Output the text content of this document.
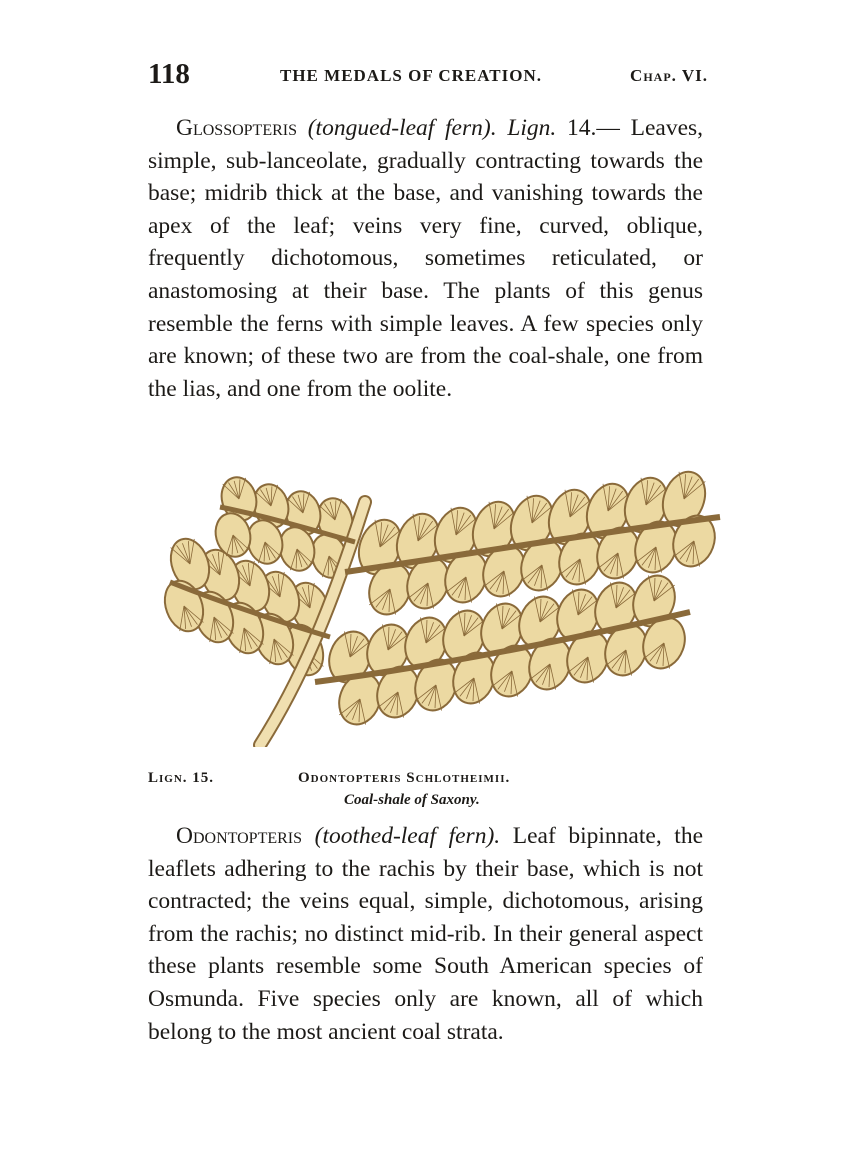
118	THE MEDALS OF CREATION.	Chap. VI.

Glossopteris (tongued-leaf fern). Lign. 14.— Leaves, simple, sub-lanceolate, gradually contracting towards the base; midrib thick at the base, and vanishing towards the apex of the leaf; veins very fine, curved, oblique, frequently dichotomous, sometimes reticulated, or anastomosing at their base. The plants of this genus resemble the ferns with simple leaves. A few species only are known; of these two are from the coal-shale, one from the lias, and one from the oolite.

Lign. 15.	Odontopteris Schlotheimii.
Coal-shale of Saxony.

Odontopteris (toothed-leaf fern). Leaf bipinnate, the leaflets adhering to the rachis by their base, which is not contracted; the veins equal, simple, dichotomous, arising from the rachis; no distinct mid-rib. In their general aspect these plants resemble some South American species of Osmunda. Five species only are known, all of which belong to the most ancient coal strata.
